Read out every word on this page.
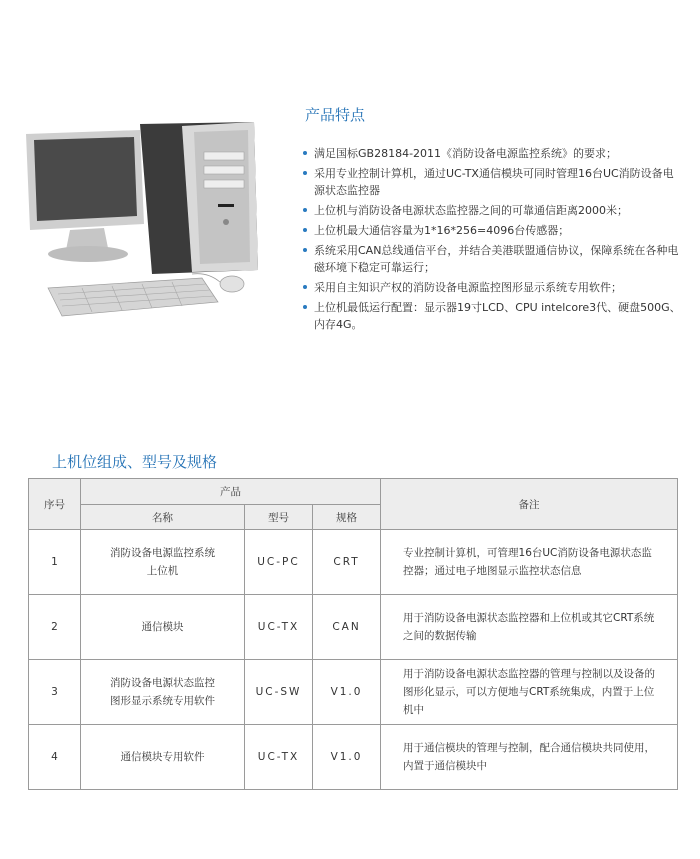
产品特点
满足国标GB28184-2011《消防设备电源监控系统》的要求；
采用专业控制计算机，通过UC-TX通信模块可同时管理16台UC消防设备电源状态监控器
上位机与消防设备电源状态监控器之间的可靠通信距离2000米；
上位机最大通信容量为1*16*256=4096台传感器；
系统采用CAN总线通信平台，并结合美港联盟通信协议，保障系统在各种电磁环境下稳定可靠运行；
采用自主知识产权的消防设备电源监控图形显示系统专用软件；
上位机最低运行配置：显示器19寸LCD、CPU intelcore3代、硬盘500G、内存4G。
上机位组成、型号及规格
序号	产品			备注
	名称	型号	规格	
1	消防设备电源监控系统
上位机	UC-PC	CRT	专业控制计算机，可管理16台UC消防设备电源状态监控器；通过电子地图显示监控状态信息
2	通信模块	UC-TX	CAN	用于消防设备电源状态监控器和上位机或其它CRT系统之间的数据传输
3	消防设备电源状态监控
图形显示系统专用软件	UC-SW	V1.0	用于消防设备电源状态监控器的管理与控制以及设备的图形化显示，可以方便地与CRT系统集成，内置于上位机中
4	通信模块专用软件	UC-TX	V1.0	用于通信模块的管理与控制，配合通信模块共同使用，内置于通信模块中
